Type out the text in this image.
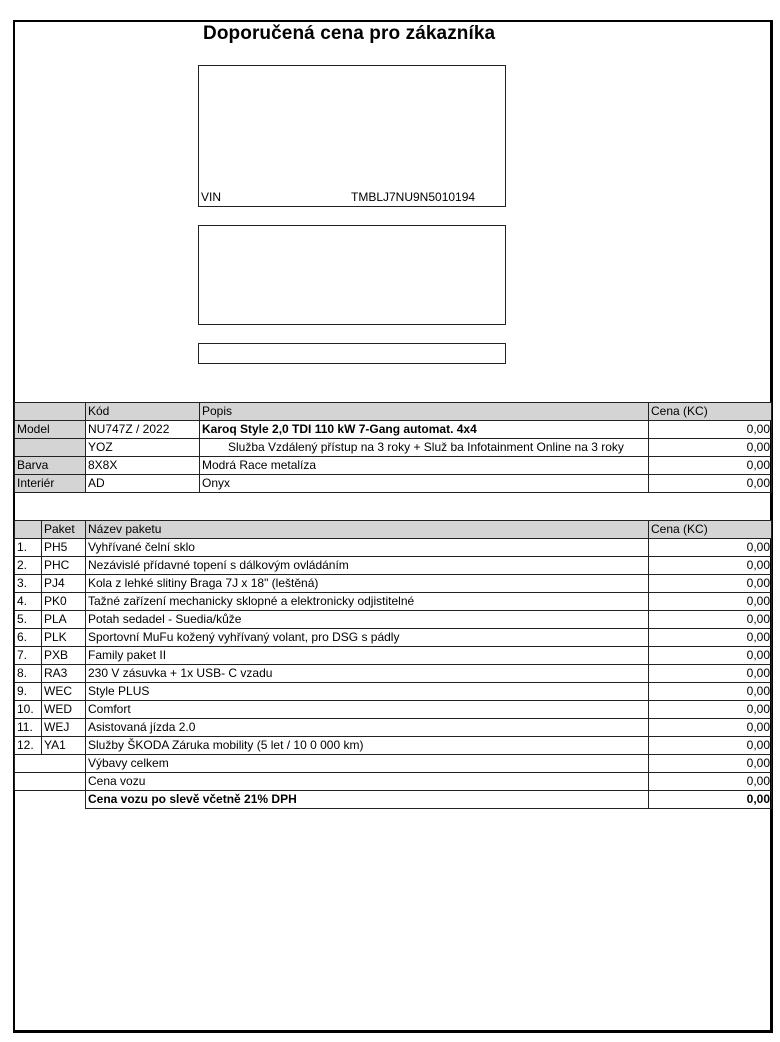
Doporučená cena pro zákazníka
VIN	TMBLJ7NU9N5010194
	Kód	Popis	Cena (KC)
Model	NU747Z / 2022	Karoq Style 2,0 TDI 110 kW 7-Gang automat. 4x4	0,00
	YOZ	Služba Vzdálený přístup na 3 roky + Služ ba Infotainment Online na 3 roky	0,00
Barva	8X8X	Modrá Race metalíza	0,00
Interiér	AD	Onyx	0,00
	Paket	Název paketu	Cena (KC)
1.	PH5	Vyhřívané čelní sklo	0,00
2.	PHC	Nezávislé přídavné topení s dálkovým ovládáním	0,00
3.	PJ4	Kola z lehké slitiny Braga 7J x 18" (leštěná)	0,00
4.	PK0	Tažné zařízení mechanicky sklopné a elektronicky odjistitelné	0,00
5.	PLA	Potah sedadel - Suedia/kůže	0,00
6.	PLK	Sportovní MuFu kožený vyhřívaný volant, pro DSG s pádly	0,00
7.	PXB	Family paket II	0,00
8.	RA3	230 V zásuvka + 1x USB- C vzadu	0,00
9.	WEC	Style PLUS	0,00
10.	WED	Comfort	0,00
11.	WEJ	Asistovaná jízda 2.0	0,00
12.	YA1	Služby ŠKODA Záruka mobility (5 let / 10 0 000 km)	0,00
		Výbavy celkem	0,00
		Cena vozu	0,00
		Cena vozu po slevě včetně 21% DPH	0,00
